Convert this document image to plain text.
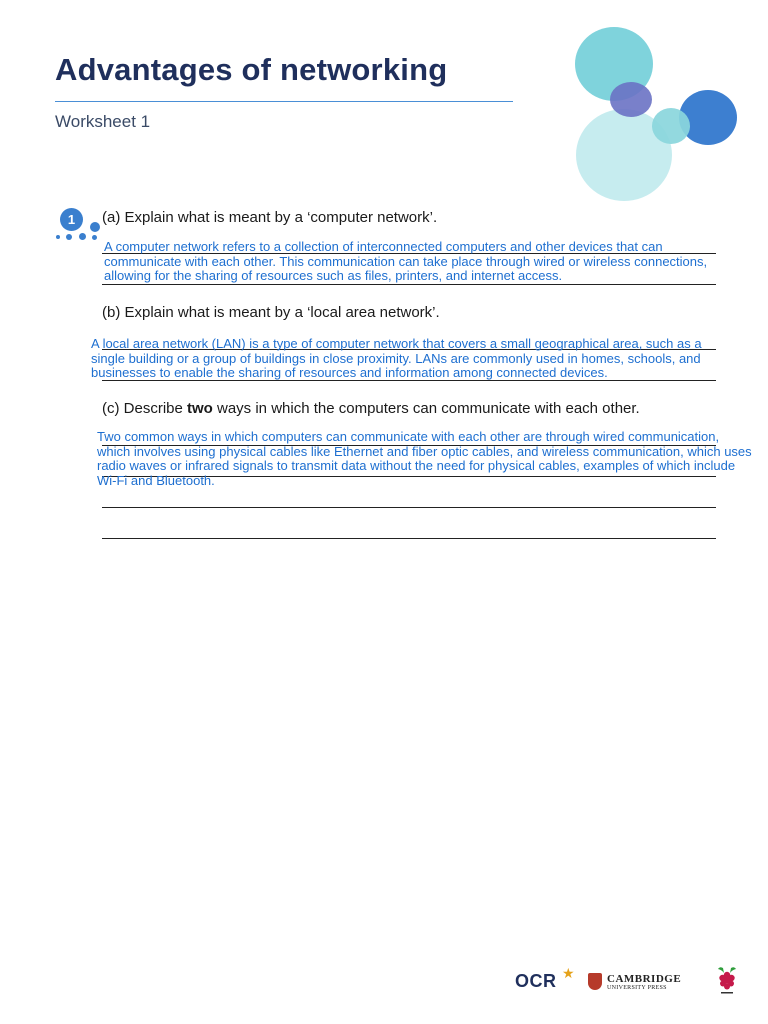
Advantages of networking
Worksheet 1
1	(a) Explain what is meant by a ‘computer network’.

A computer network refers to a collection of interconnected computers and other devices that can communicate with each other. This communication can take place through wired or wireless connections, allowing for the sharing of resources such as files, printers, and internet access.

(b) Explain what is meant by a ‘local area network’.

A local area network (LAN) is a type of computer network that covers a small geographical area, such as a single building or a group of buildings in close proximity. LANs are commonly used in homes, schools, and businesses to enable the sharing of resources and information among connected devices.

(c) Describe two ways in which the computers can communicate with each other.

Two common ways in which computers can communicate with each other are through wired communication, which involves using physical cables like Ethernet and fiber optic cables, and wireless communication, which uses radio waves or infrared signals to transmit data without the need for physical cables, examples of which include Wi-Fi and Bluetooth.

OCR ★	CAMBRIDGE
UNIVERSITY PRESS
